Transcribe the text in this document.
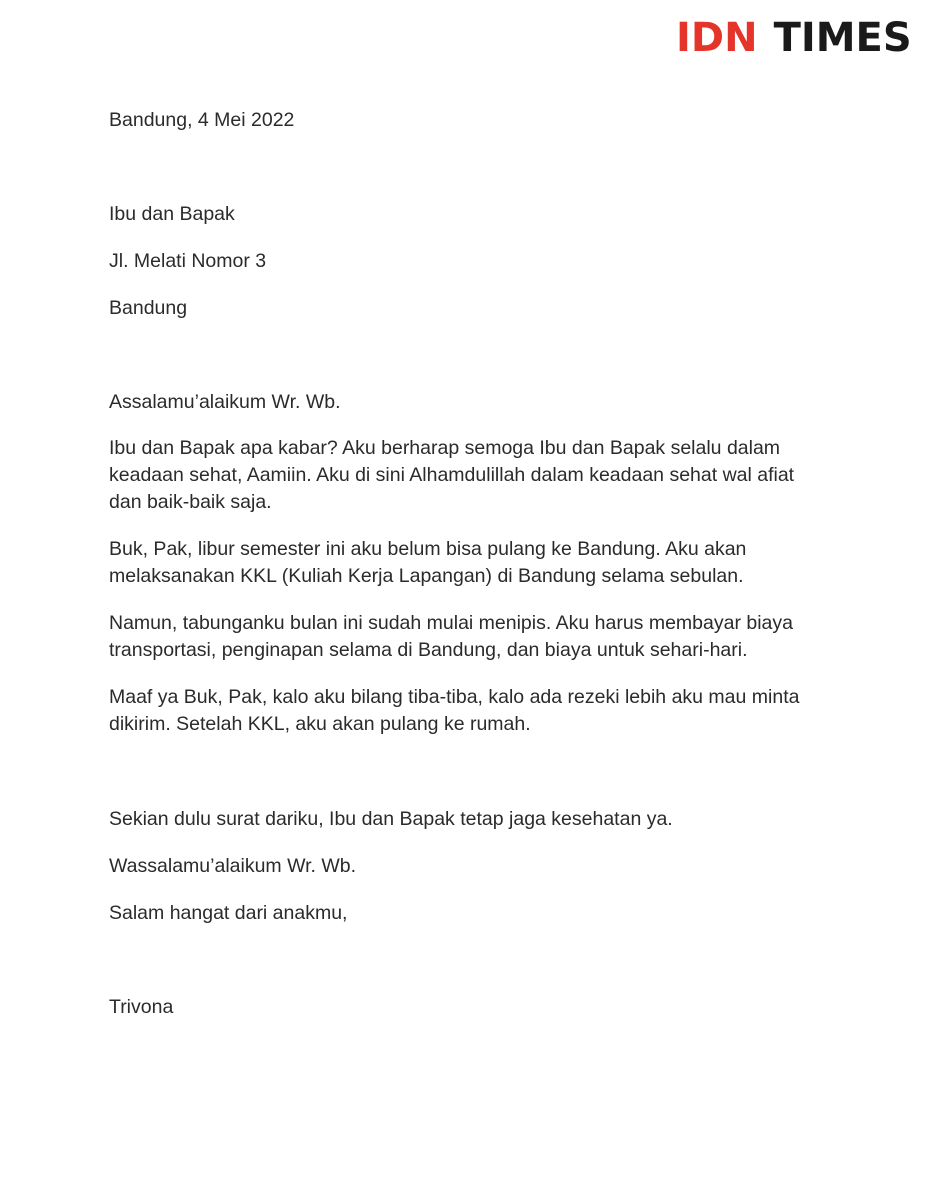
IDN TIMES
Bandung, 4 Mei 2022
Ibu dan Bapak
Jl. Melati Nomor 3
Bandung
Assalamu’alaikum Wr. Wb.
Ibu dan Bapak apa kabar? Aku berharap semoga Ibu dan Bapak selalu dalam keadaan sehat, Aamiin. Aku di sini Alhamdulillah dalam keadaan sehat wal afiat dan baik-baik saja.
Buk, Pak, libur semester ini aku belum bisa pulang ke Bandung. Aku akan melaksanakan KKL (Kuliah Kerja Lapangan) di Bandung selama sebulan.
Namun, tabunganku bulan ini sudah mulai menipis. Aku harus membayar biaya transportasi, penginapan selama di Bandung, dan biaya untuk sehari-hari.
Maaf ya Buk, Pak, kalo aku bilang tiba-tiba, kalo ada rezeki lebih aku mau minta dikirim. Setelah KKL, aku akan pulang ke rumah.
Sekian dulu surat dariku, Ibu dan Bapak tetap jaga kesehatan ya.
Wassalamu’alaikum Wr. Wb.
Salam hangat dari anakmu,
Trivona
